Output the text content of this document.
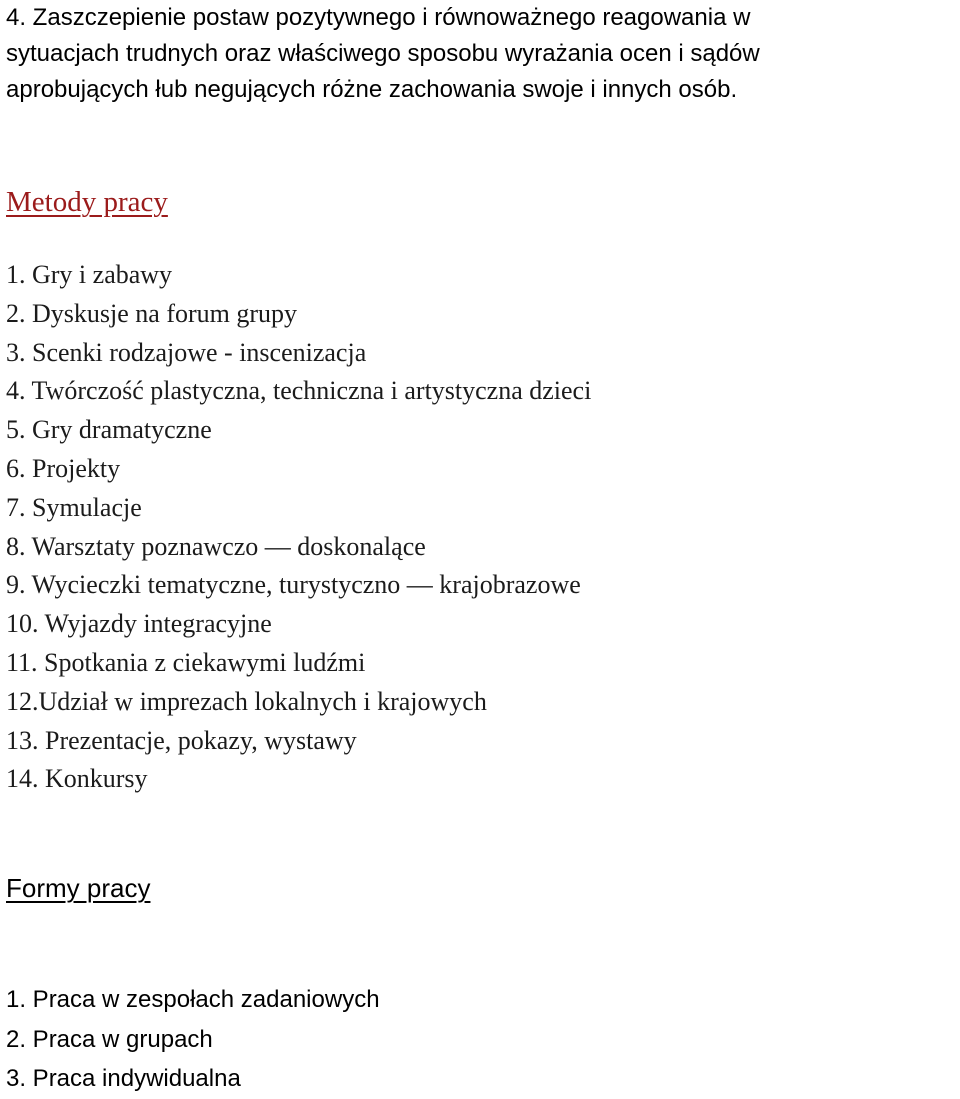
4. Zaszczepienie postaw pozytywnego i równoważnego reagowania w
sytuacjach trudnych oraz właściwego sposobu wyrażania ocen i sądów
aprobujących łub negujących różne zachowania swoje i innych osób.

Metody pracy
1. Gry i zabawy
2. Dyskusje na forum grupy
3. Scenki rodzajowe - inscenizacja
4. Twórczość plastyczna, techniczna i artystyczna dzieci
5. Gry dramatyczne
6. Projekty
7. Symulacje
8. Warsztaty poznawczo — doskonalące
9. Wycieczki tematyczne, turystyczno — krajobrazowe
10. Wyjazdy integracyjne
11. Spotkania z ciekawymi ludźmi
12.Udział w imprezach lokalnych i krajowych
13. Prezentacje, pokazy, wystawy
14. Konkursy
Formy pracy
1. Praca w zespołach zadaniowych
2. Praca w grupach
3. Praca indywidualna
